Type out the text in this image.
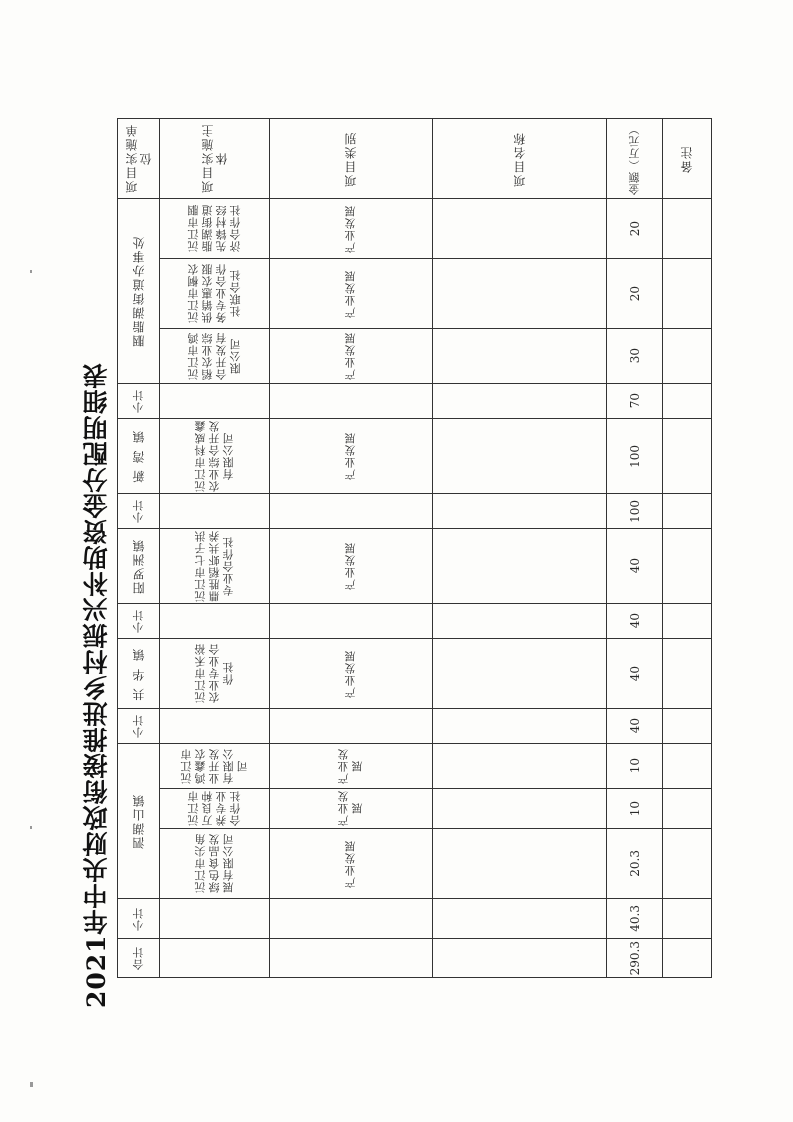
2021年中央财政衔接推进乡村振兴补助资金分配明细表
项目实施单位
胭脂湖街道办事处
小计
新 湾 镇
小计
阳罗洲镇
小计
共 华 镇
小计
泗湖山镇
小计
合计
项目实施主体
沅江市胭脂湖街道先锋村经济合作社
沅江市桐农供销惠农服务专业合作社联合社
沅江市鸿稻农业综合开发有限公司
沅江市科威鑫农业综合开发有限公司
沅江市七子洪鼎胜稻虾共养专业合作社
沅江市禾裕农业专业合作社
沅江市鸿鑫农业开发有限公司
沅江市万良种养专业合作社
沅江市尖角绿色食品发展有限公司
项目类别
产业发展
产业发展
产业发展
产业发展
产业发展
产业发展
产业发展
产业发展
产业发展
项目名称	金额（万元）
20
20
30
70
100
100
40
40
40
40
10
10
20.3
40.3
290.3
备注
